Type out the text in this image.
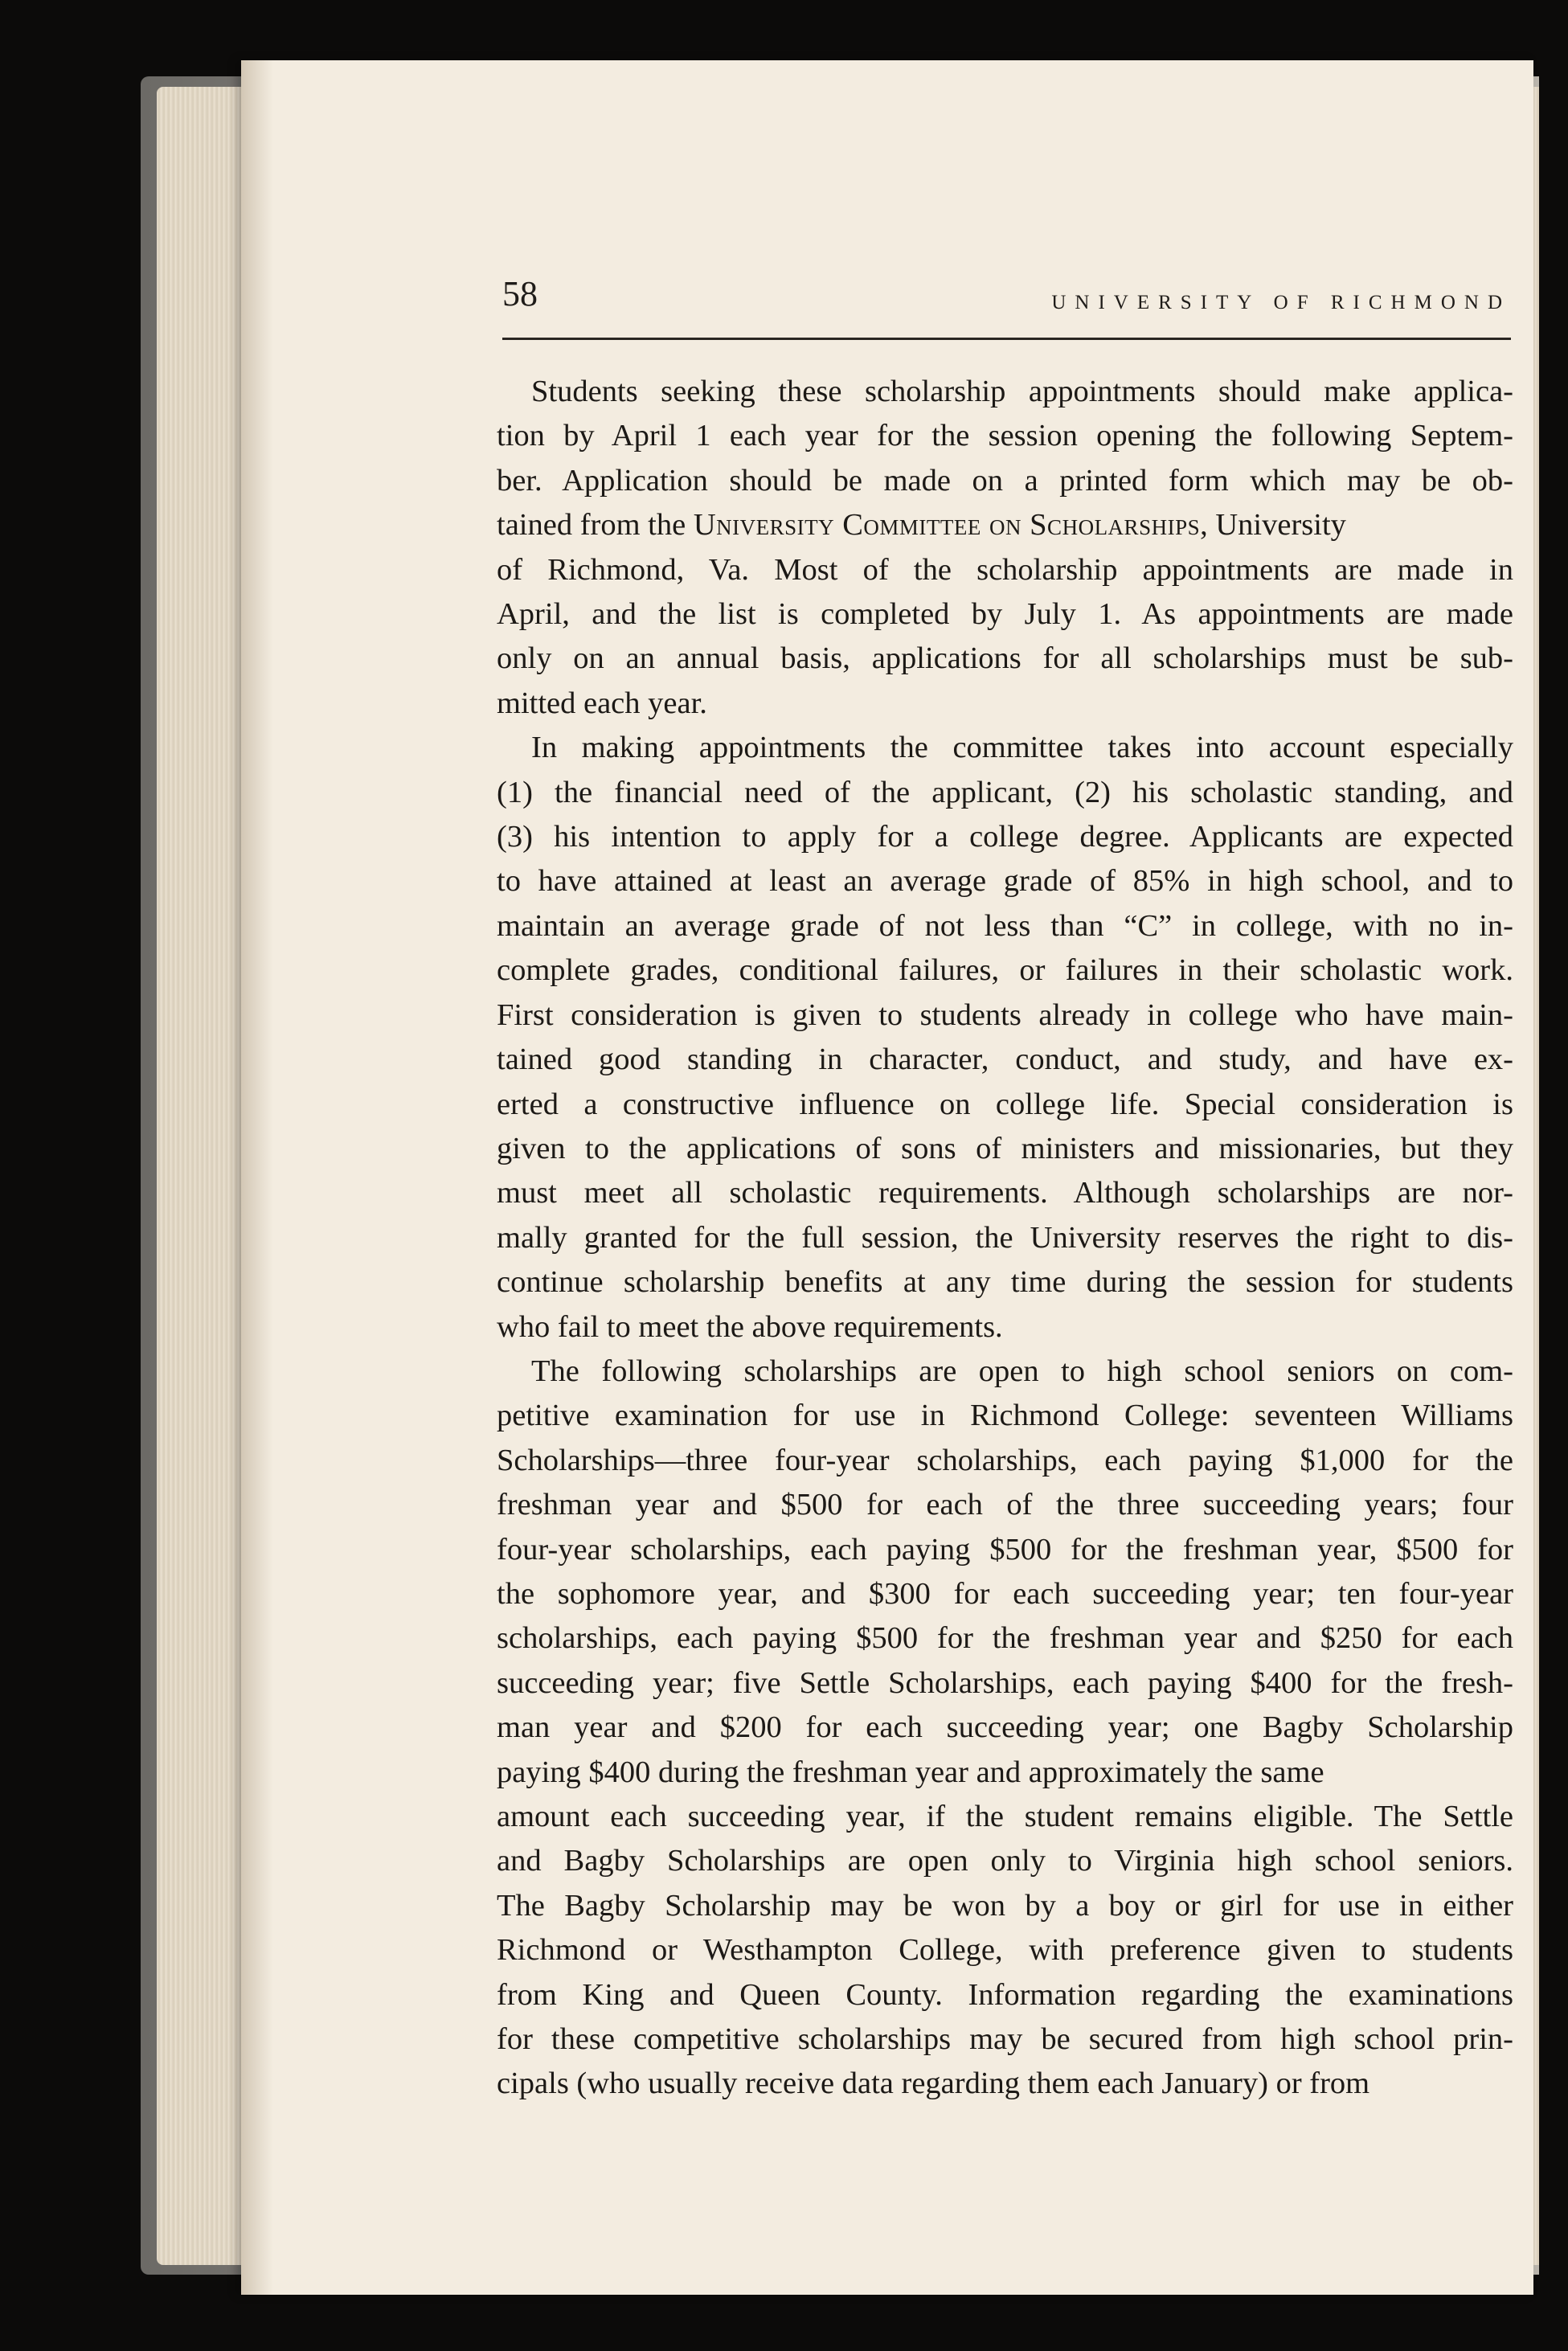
58	UNIVERSITY OF RICHMOND

Students seeking these scholarship appointments should make applica-
tion by April 1 each year for the session opening the following Septem-
ber. Application should be made on a printed form which may be ob-
tained from the University Committee on Scholarships, University
of Richmond, Va. Most of the scholarship appointments are made in
April, and the list is completed by July 1. As appointments are made
only on an annual basis, applications for all scholarships must be sub-
mitted each year.

In making appointments the committee takes into account especially
(1) the financial need of the applicant, (2) his scholastic standing, and
(3) his intention to apply for a college degree. Applicants are expected
to have attained at least an average grade of 85% in high school, and to
maintain an average grade of not less than “C” in college, with no in-
complete grades, conditional failures, or failures in their scholastic work.
First consideration is given to students already in college who have main-
tained good standing in character, conduct, and study, and have ex-
erted a constructive influence on college life. Special consideration is
given to the applications of sons of ministers and missionaries, but they
must meet all scholastic requirements. Although scholarships are nor-
mally granted for the full session, the University reserves the right to dis-
continue scholarship benefits at any time during the session for students
who fail to meet the above requirements.

The following scholarships are open to high school seniors on com-
petitive examination for use in Richmond College: seventeen Williams
Scholarships—three four-year scholarships, each paying $1,000 for the
freshman year and $500 for each of the three succeeding years; four
four-year scholarships, each paying $500 for the freshman year, $500 for
the sophomore year, and $300 for each succeeding year; ten four-year
scholarships, each paying $500 for the freshman year and $250 for each
succeeding year; five Settle Scholarships, each paying $400 for the fresh-
man year and $200 for each succeeding year; one Bagby Scholarship
paying $400 during the freshman year and approximately the same
amount each succeeding year, if the student remains eligible. The Settle
and Bagby Scholarships are open only to Virginia high school seniors.
The Bagby Scholarship may be won by a boy or girl for use in either
Richmond or Westhampton College, with preference given to students
from King and Queen County. Information regarding the examinations
for these competitive scholarships may be secured from high school prin-
cipals (who usually receive data regarding them each January) or from
